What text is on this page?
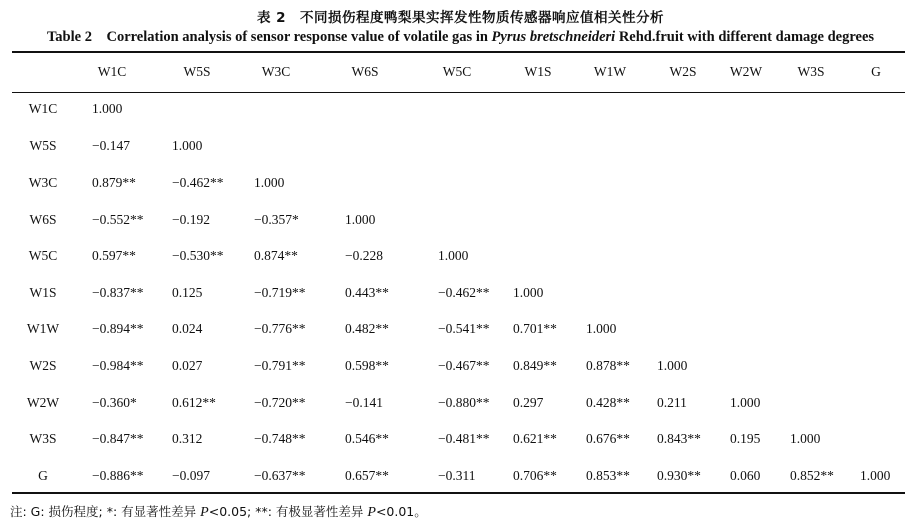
表 2　不同损伤程度鸭梨果实挥发性物质传感器响应值相关性分析
Table 2 Correlation analysis of sensor response value of volatile gas in Pyrus bretschneideri Rehd.fruit with different damage degrees
W1C	W5S	W3C	W6S	W5C	W1S	W1W	W2S	W2W	W3S	G
W1C	1.000
W5S	−0.147	1.000
W3C	0.879**	−0.462** 1.000
W6S	−0.552** −0.192	−0.357*	1.000
W5C	0.597**	−0.530** 0.874**	−0.228	1.000
W1S	−0.837** 0.125	−0.719**	0.443**	−0.462** 1.000
W1W	−0.894** 0.024	−0.776**	0.482**	−0.541** 0.701** 1.000
W2S	−0.984** 0.027	−0.791**	0.598**	−0.467** 0.849** 0.878** 1.000
W2W	−0.360*	0.612**	−0.720**	−0.141	−0.880** 0.297	0.428** 0.211	1.000
W3S	−0.847** 0.312	−0.748**	0.546**	−0.481** 0.621** 0.676** 0.843** 0.195 1.000
G	−0.886** −0.097	−0.637**	0.657**	−0.311	0.706** 0.853** 0.930** 0.060 0.852** 1.000
注: G: 损伤程度; *: 有显著性差异 P<0.05; **: 有极显著性差异 P<0.01。
